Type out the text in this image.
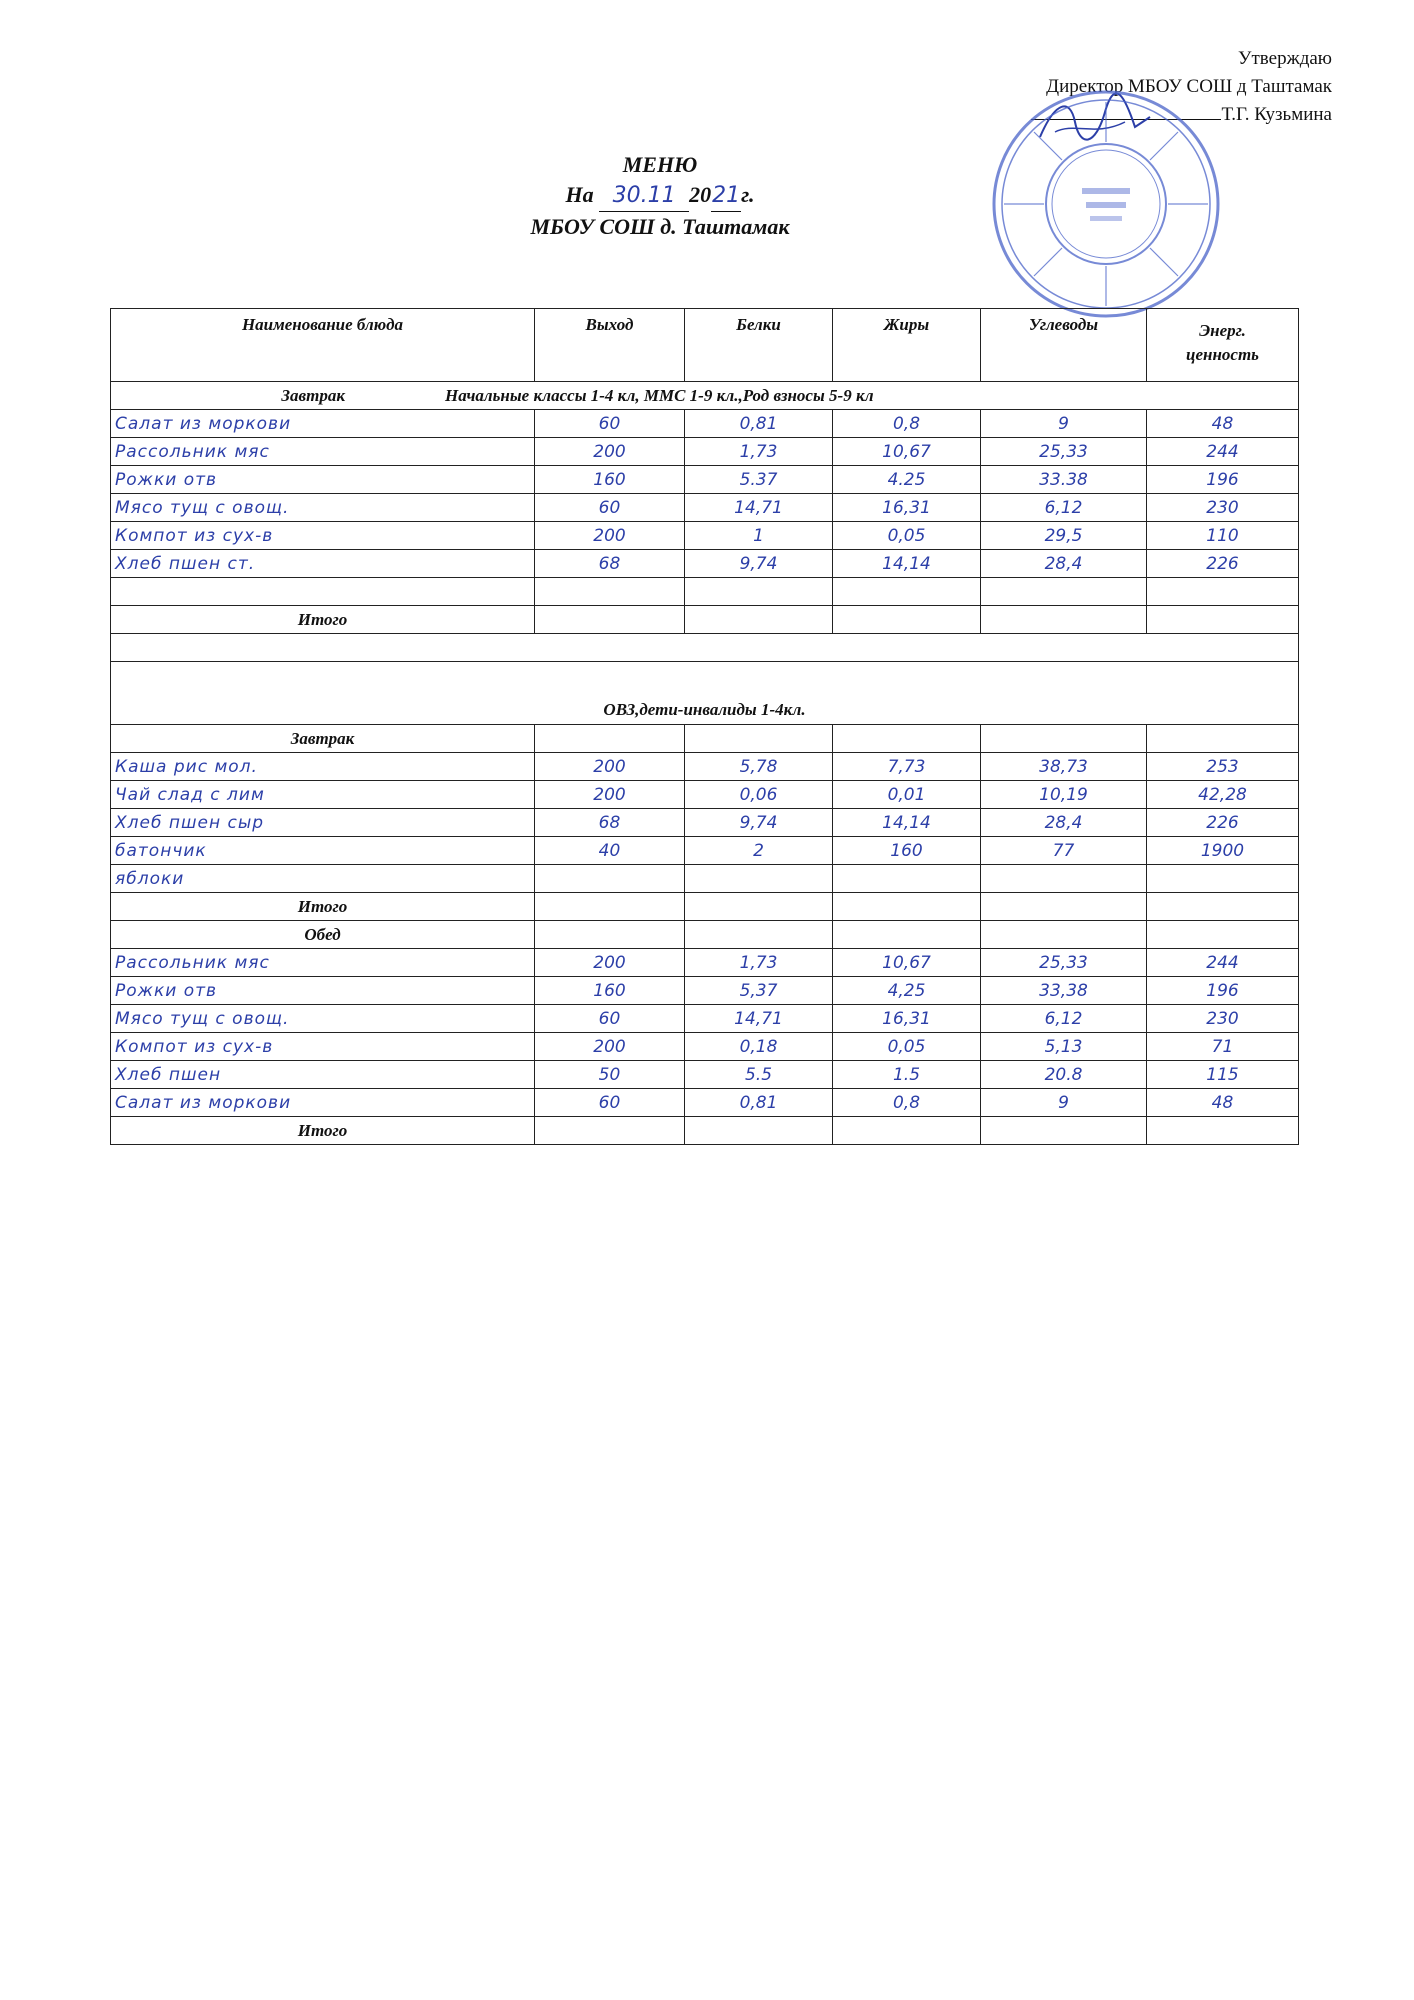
Утверждаю
Директор МБОУ СОШ д Таштамак
Т.Г. Кузьмина
МЕНЮ
На 30.11 2021г.
МБОУ СОШ д. Таштамак
Наименование блюда	Выход	Белки	Жиры	Углеводы	Энерг.
ценность

Завтрак Начальные классы 1-4 кл, ММС 1-9 кл.,Род взносы 5-9 кл					
Салат из моркови	60	0,81	0,8	9	48
Рассольник мяс	200	1,73	10,67	25,33	244
Рожки отв	160	5.37	4.25	33.38	196
Мясо тущ с овощ.	60	14,71	16,31	6,12	230
Компот из сух-в	200	1	0,05	29,5	110
Хлеб пшен ст.	68	9,74	14,14	28,4	226

Итого					

ОВЗ,дети-инвалиды 1-4кл.					
Завтрак					
Каша рис мол.	200	5,78	7,73	38,73	253
Чай слад с лим	200	0,06	0,01	10,19	42,28
Хлеб пшен сыр	68	9,74	14,14	28,4	226
батончик	40	2	160	77	1900
яблоки					
Итого					
Обед					
Рассольник мяс	200	1,73	10,67	25,33	244
Рожки отв	160	5,37	4,25	33,38	196
Мясо тущ с овощ.	60	14,71	16,31	6,12	230
Компот из сух-в	200	0,18	0,05	5,13	71
Хлеб пшен	50	5.5	1.5	20.8	115
Салат из моркови	60	0,81	0,8	9	48
Итого					
